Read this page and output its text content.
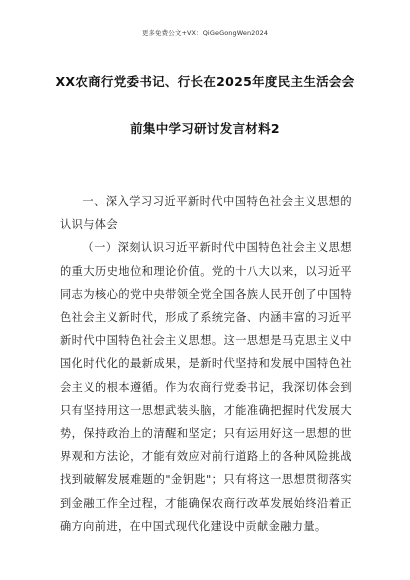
更多免费公文+VX：QiGeGongWen2024
XX农商行党委书记、行长在2025年度民主生活会会
前集中学习研讨发言材料2

一、深入学习习近平新时代中国特色社会主义思想的认识与体会

（一）深刻认识习近平新时代中国特色社会主义思想的重大历史地位和理论价值。党的十八大以来，以习近平同志为核心的党中央带领全党全国各族人民开创了中国特色社会主义新时代，形成了系统完备、内涵丰富的习近平新时代中国特色社会主义思想。这一思想是马克思主义中国化时代化的最新成果，是新时代坚持和发展中国特色社会主义的根本遵循。作为农商行党委书记，我深切体会到只有坚持用这一思想武装头脑，才能准确把握时代发展大势，保持政治上的清醒和坚定；只有运用好这一思想的世界观和方法论，才能有效应对前行道路上的各种风险挑战找到破解发展难题的"金钥匙"；只有将这一思想贯彻落实到金融工作全过程，才能确保农商行改革发展始终沿着正确方向前进，在中国式现代化建设中贡献金融力量。
